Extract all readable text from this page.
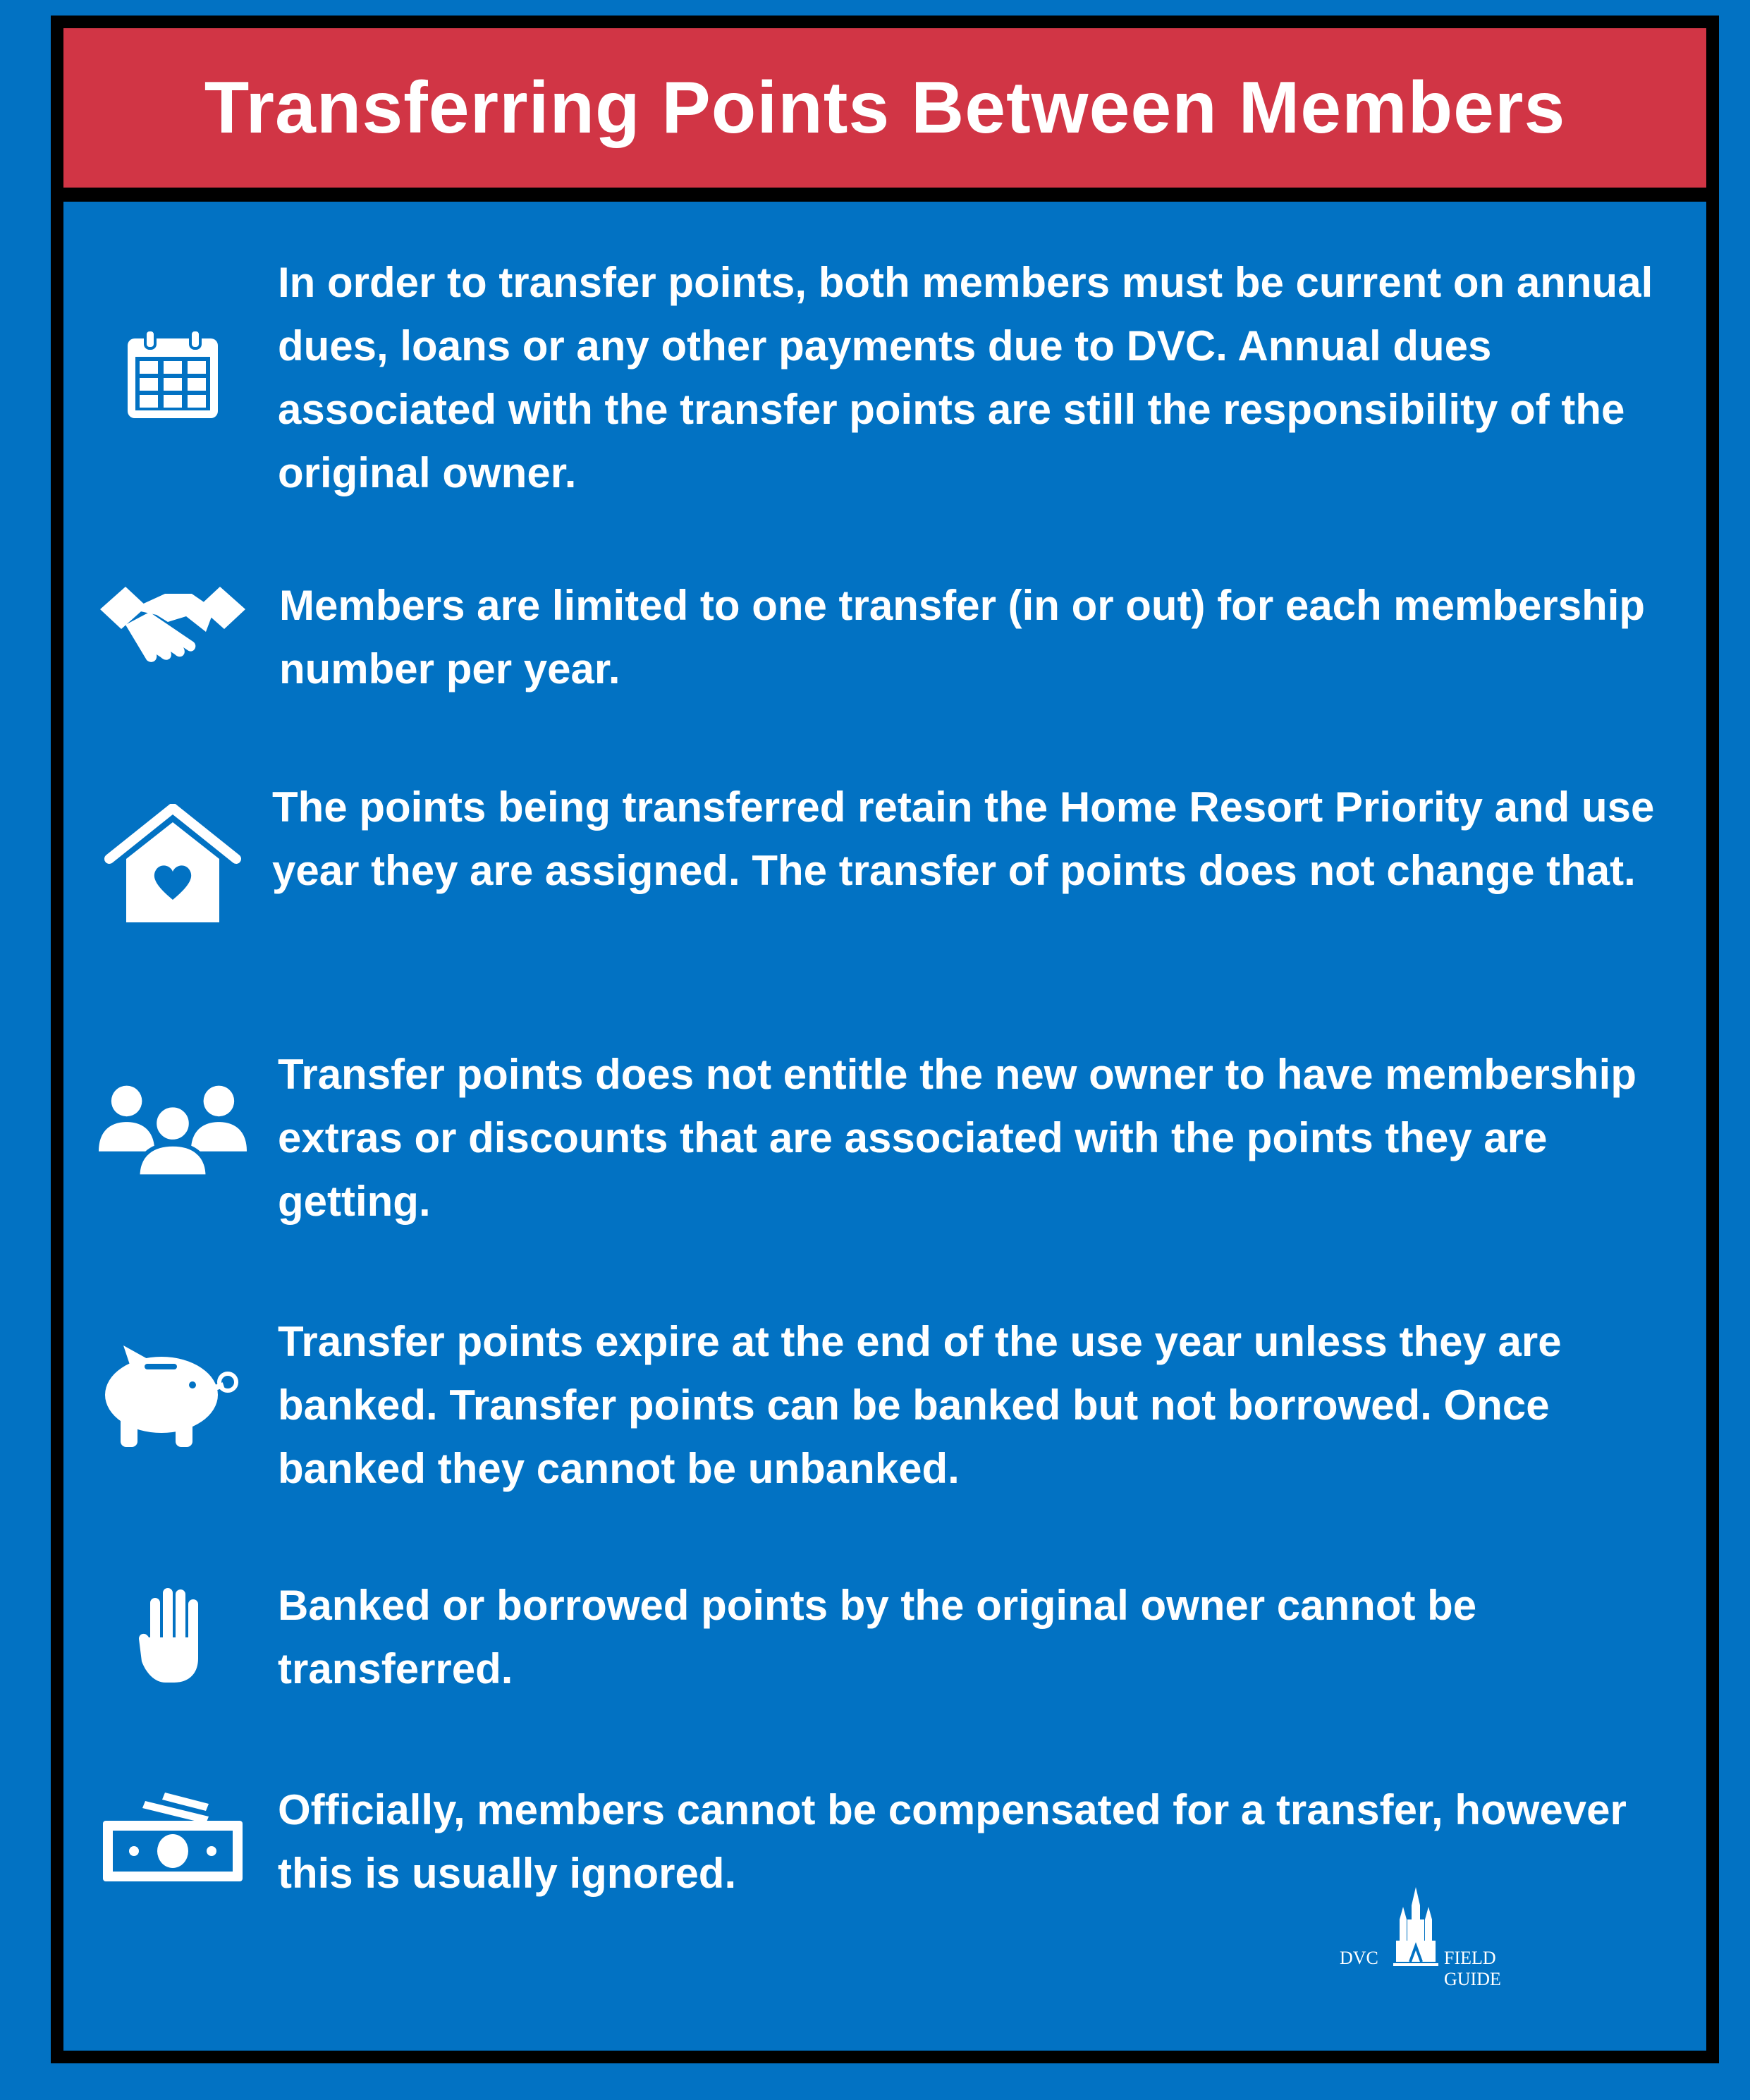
Transferring Points Between Members
In order to transfer points, both members must be current on annual dues, loans or any other payments due to DVC. Annual dues associated with the transfer points are still the responsibility of the original owner.
Members are limited to one transfer (in or out) for each membership number per year.
The points being transferred retain the Home Resort Priority and use year they are assigned. The transfer of points does not change that.
Transfer points does not entitle the new owner to have membership extras or discounts that are associated with the points they are getting.
Transfer points expire at the end of the use year unless they are banked. Transfer points can be banked but not borrowed. Once banked they cannot be unbanked.
Banked or borrowed points by the original owner cannot be transferred.
Officially, members cannot be compensated for a transfer, however this is usually ignored.
DVC	FIELD GUIDE
